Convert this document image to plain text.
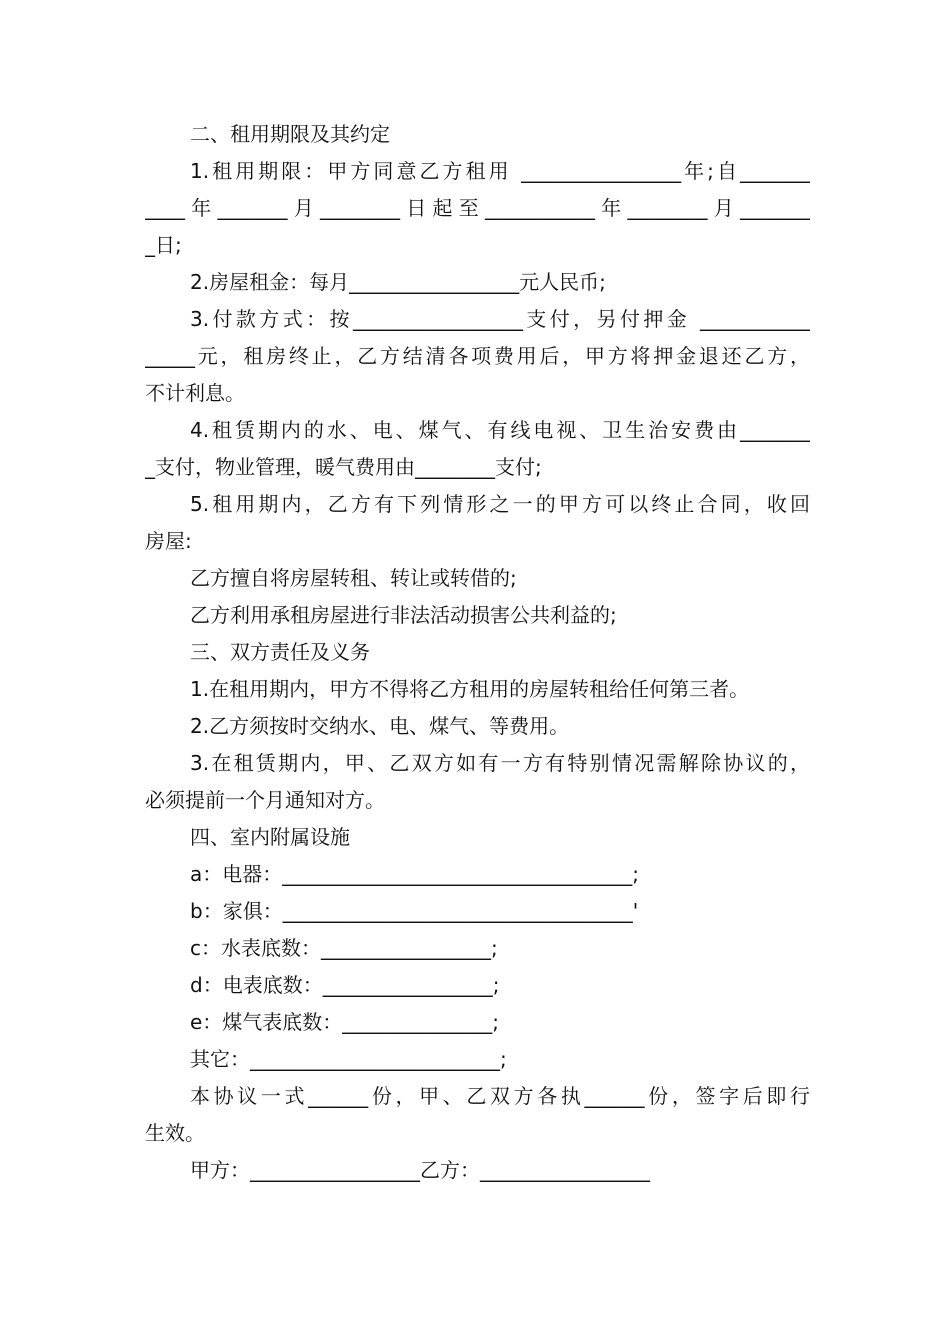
二、租用期限及其约定
1.租用期限：甲方同意乙方租用 ________________年;自_______
____年_______月________日起至___________年________月_______
_日;
2.房屋租金：每月_________________元人民币;
3.付款方式：按_________________支付，另付押金 ___________
_____元，租房终止，乙方结清各项费用后，甲方将押金退还乙方，
不计利息。
4.租赁期内的水、电、煤气、有线电视、卫生治安费由_______
_支付，物业管理，暖气费用由________支付;
5.租用期内，乙方有下列情形之一的甲方可以终止合同，收回
房屋:
乙方擅自将房屋转租、转让或转借的;
乙方利用承租房屋进行非法活动损害公共利益的;
三、双方责任及义务
1.在租用期内，甲方不得将乙方租用的房屋转租给任何第三者。
2.乙方须按时交纳水、电、煤气、等费用。
3.在租赁期内，甲、乙双方如有一方有特别情况需解除协议的，
必须提前一个月通知对方。
四、室内附属设施
a：电器：___________________________________;
b：家俱：___________________________________'
c：水表底数：_________________;
d：电表底数：_________________;
e：煤气表底数：_______________;
其它：_________________________;
本协议一式______份，甲、乙双方各执______份，签字后即行
生效。
甲方：_________________乙方：_________________
